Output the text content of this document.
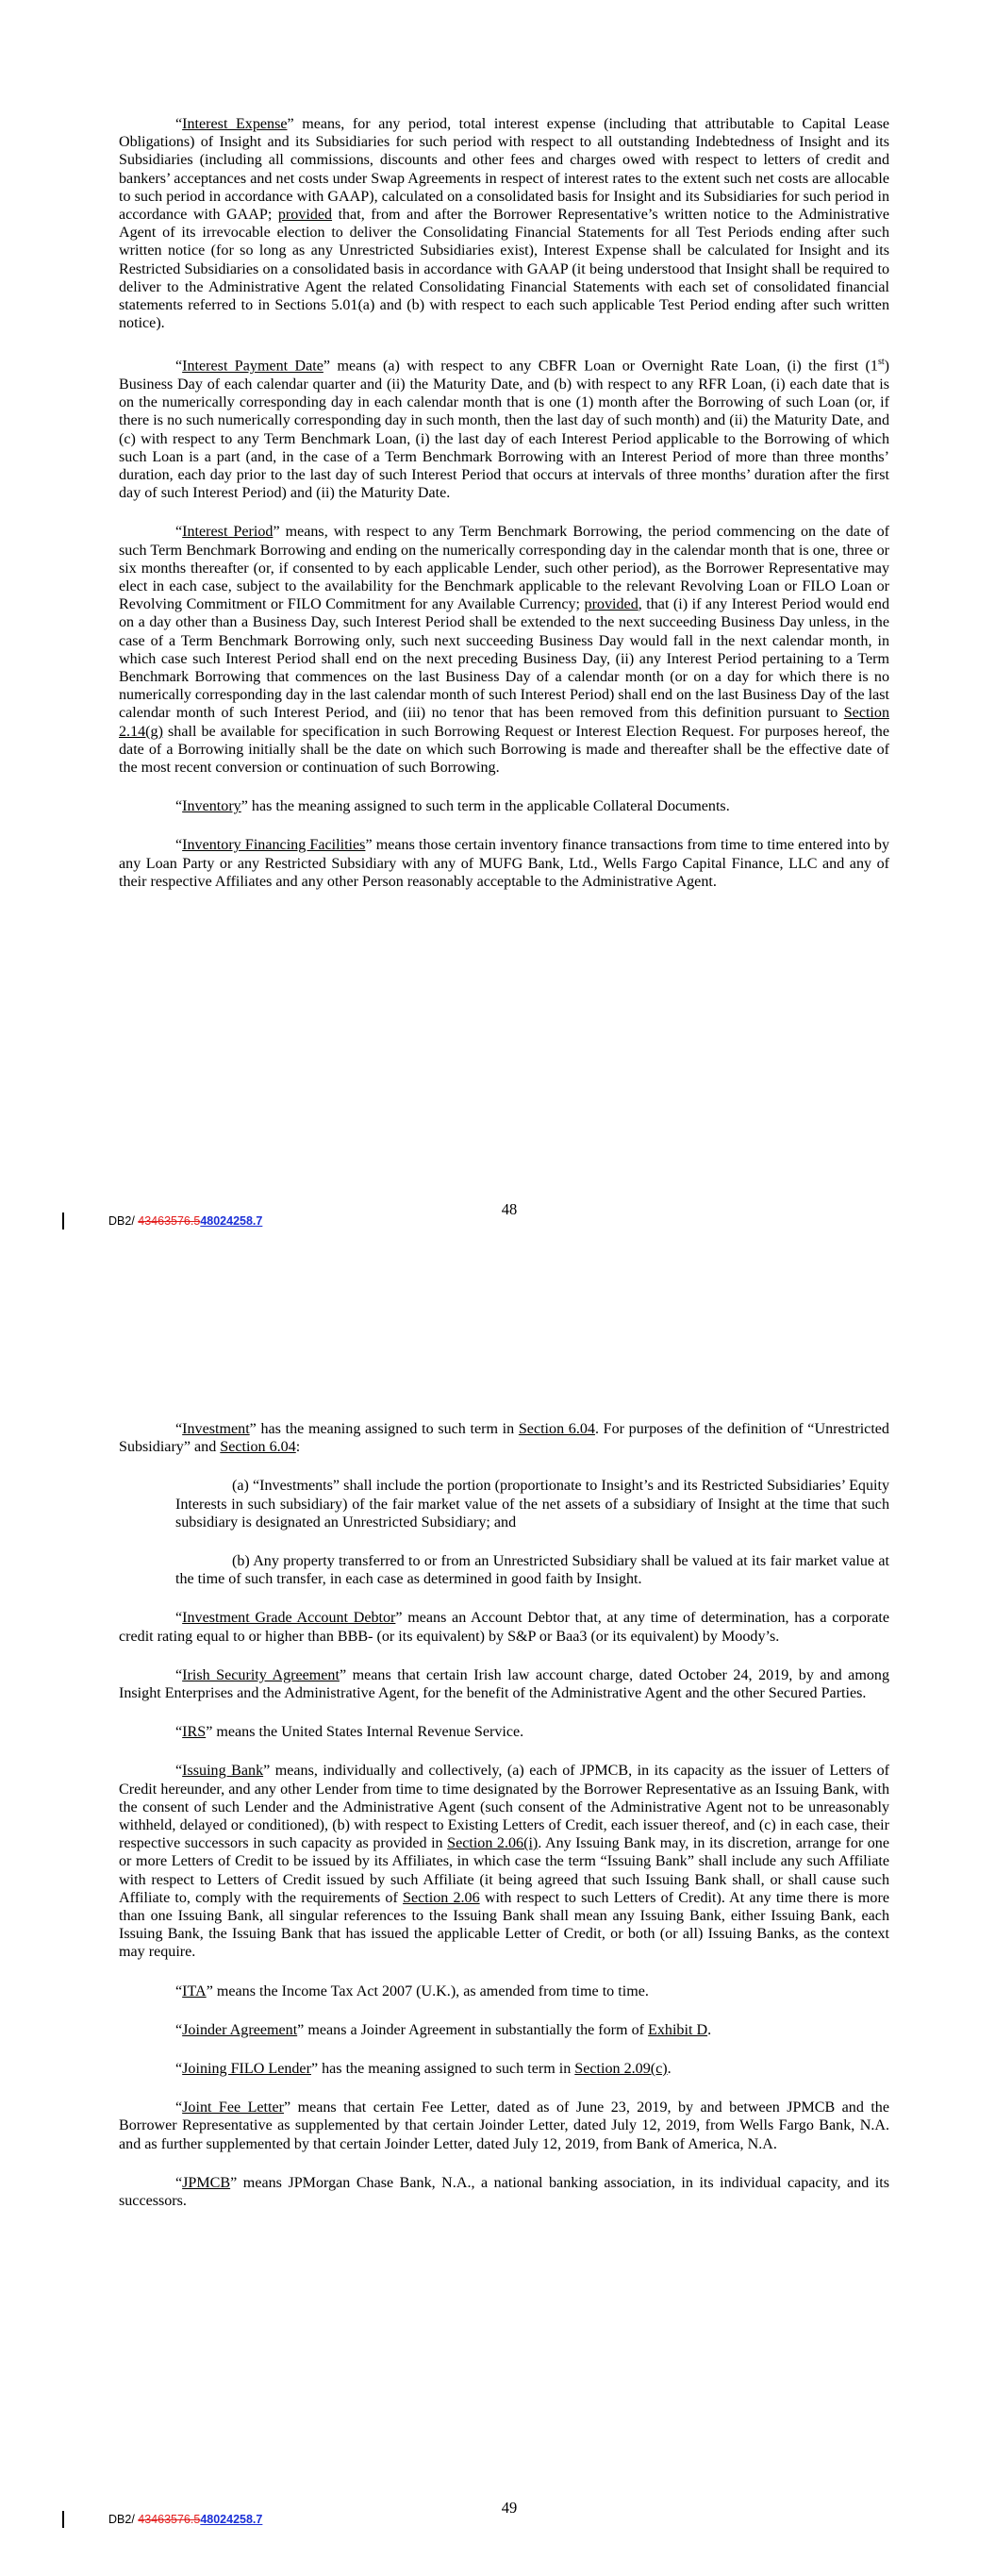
“Interest Expense” means, for any period, total interest expense (including that attributable to Capital Lease Obligations) of Insight and its Subsidiaries for such period with respect to all outstanding Indebtedness of Insight and its Subsidiaries (including all commissions, discounts and other fees and charges owed with respect to letters of credit and bankers’ acceptances and net costs under Swap Agreements in respect of interest rates to the extent such net costs are allocable to such period in accordance with GAAP), calculated on a consolidated basis for Insight and its Subsidiaries for such period in accordance with GAAP; provided that, from and after the Borrower Representative’s written notice to the Administrative Agent of its irrevocable election to deliver the Consolidating Financial Statements for all Test Periods ending after such written notice (for so long as any Unrestricted Subsidiaries exist), Interest Expense shall be calculated for Insight and its Restricted Subsidiaries on a consolidated basis in accordance with GAAP (it being understood that Insight shall be required to deliver to the Administrative Agent the related Consolidating Financial Statements with each set of consolidated financial statements referred to in Sections 5.01(a) and (b) with respect to each such applicable Test Period ending after such written notice).

“Interest Payment Date” means (a) with respect to any CBFR Loan or Overnight Rate Loan, (i) the first (1st) Business Day of each calendar quarter and (ii) the Maturity Date, and (b) with respect to any RFR Loan, (i) each date that is on the numerically corresponding day in each calendar month that is one (1) month after the Borrowing of such Loan (or, if there is no such numerically corresponding day in such month, then the last day of such month) and (ii) the Maturity Date, and (c) with respect to any Term Benchmark Loan, (i) the last day of each Interest Period applicable to the Borrowing of which such Loan is a part (and, in the case of a Term Benchmark Borrowing with an Interest Period of more than three months’ duration, each day prior to the last day of such Interest Period that occurs at intervals of three months’ duration after the first day of such Interest Period) and (ii) the Maturity Date.

“Interest Period” means, with respect to any Term Benchmark Borrowing, the period commencing on the date of such Term Benchmark Borrowing and ending on the numerically corresponding day in the calendar month that is one, three or six months thereafter (or, if consented to by each applicable Lender, such other period), as the Borrower Representative may elect in each case, subject to the availability for the Benchmark applicable to the relevant Revolving Loan or FILO Loan or Revolving Commitment or FILO Commitment for any Available Currency; provided, that (i) if any Interest Period would end on a day other than a Business Day, such Interest Period shall be extended to the next succeeding Business Day unless, in the case of a Term Benchmark Borrowing only, such next succeeding Business Day would fall in the next calendar month, in which case such Interest Period shall end on the next preceding Business Day, (ii) any Interest Period pertaining to a Term Benchmark Borrowing that commences on the last Business Day of a calendar month (or on a day for which there is no numerically corresponding day in the last calendar month of such Interest Period) shall end on the last Business Day of the last calendar month of such Interest Period, and (iii) no tenor that has been removed from this definition pursuant to Section 2.14(g) shall be available for specification in such Borrowing Request or Interest Election Request. For purposes hereof, the date of a Borrowing initially shall be the date on which such Borrowing is made and thereafter shall be the effective date of the most recent conversion or continuation of such Borrowing.

“Inventory” has the meaning assigned to such term in the applicable Collateral Documents.

“Inventory Financing Facilities” means those certain inventory finance transactions from time to time entered into by any Loan Party or any Restricted Subsidiary with any of MUFG Bank, Ltd., Wells Fargo Capital Finance, LLC and any of their respective Affiliates and any other Person reasonably acceptable to the Administrative Agent.

DB2/ 43463576.548024258.7
48

“Investment” has the meaning assigned to such term in Section 6.04. For purposes of the definition of “Unrestricted Subsidiary” and Section 6.04:

(a) “Investments” shall include the portion (proportionate to Insight’s and its Restricted Subsidiaries’ Equity Interests in such subsidiary) of the fair market value of the net assets of a subsidiary of Insight at the time that such subsidiary is designated an Unrestricted Subsidiary; and

(b) Any property transferred to or from an Unrestricted Subsidiary shall be valued at its fair market value at the time of such transfer, in each case as determined in good faith by Insight.

“Investment Grade Account Debtor” means an Account Debtor that, at any time of determination, has a corporate credit rating equal to or higher than BBB- (or its equivalent) by S&P or Baa3 (or its equivalent) by Moody’s.

“Irish Security Agreement” means that certain Irish law account charge, dated October 24, 2019, by and among Insight Enterprises and the Administrative Agent, for the benefit of the Administrative Agent and the other Secured Parties.

“IRS” means the United States Internal Revenue Service.

“Issuing Bank” means, individually and collectively, (a) each of JPMCB, in its capacity as the issuer of Letters of Credit hereunder, and any other Lender from time to time designated by the Borrower Representative as an Issuing Bank, with the consent of such Lender and the Administrative Agent (such consent of the Administrative Agent not to be unreasonably withheld, delayed or conditioned), (b) with respect to Existing Letters of Credit, each issuer thereof, and (c) in each case, their respective successors in such capacity as provided in Section 2.06(i). Any Issuing Bank may, in its discretion, arrange for one or more Letters of Credit to be issued by its Affiliates, in which case the term “Issuing Bank” shall include any such Affiliate with respect to Letters of Credit issued by such Affiliate (it being agreed that such Issuing Bank shall, or shall cause such Affiliate to, comply with the requirements of Section 2.06 with respect to such Letters of Credit). At any time there is more than one Issuing Bank, all singular references to the Issuing Bank shall mean any Issuing Bank, either Issuing Bank, each Issuing Bank, the Issuing Bank that has issued the applicable Letter of Credit, or both (or all) Issuing Banks, as the context may require.

“ITA” means the Income Tax Act 2007 (U.K.), as amended from time to time.

“Joinder Agreement” means a Joinder Agreement in substantially the form of Exhibit D.

“Joining FILO Lender” has the meaning assigned to such term in Section 2.09(c).

“Joint Fee Letter” means that certain Fee Letter, dated as of June 23, 2019, by and between JPMCB and the Borrower Representative as supplemented by that certain Joinder Letter, dated July 12, 2019, from Wells Fargo Bank, N.A. and as further supplemented by that certain Joinder Letter, dated July 12, 2019, from Bank of America, N.A.

“JPMCB” means JPMorgan Chase Bank, N.A., a national banking association, in its individual capacity, and its successors.

DB2/ 43463576.548024258.7
49
